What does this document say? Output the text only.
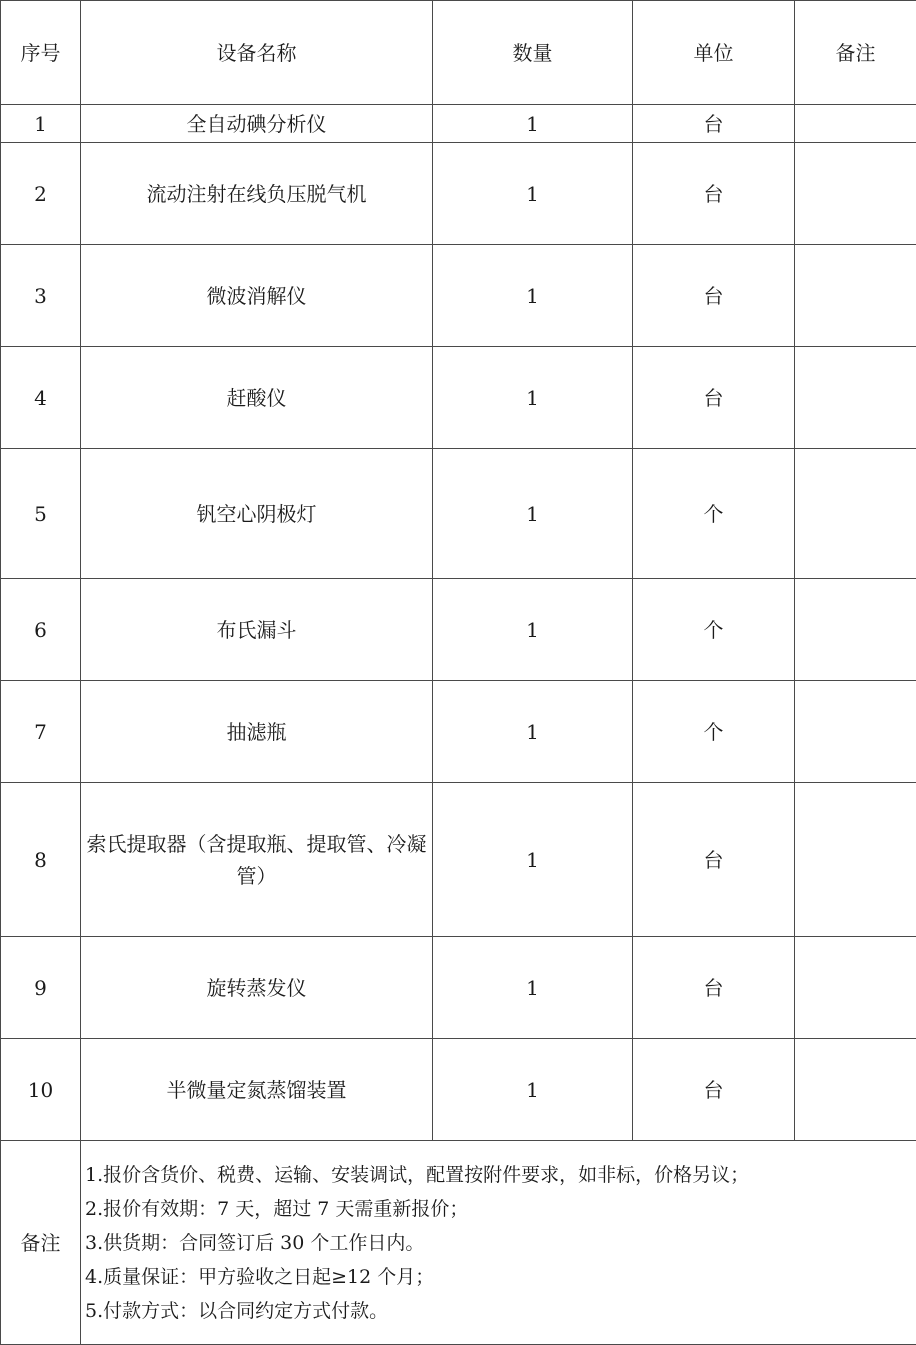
序号	设备名称	数量	单位	备注
1	全自动碘分析仪	1	台	
2	流动注射在线负压脱气机	1	台	
3	微波消解仪	1	台	
4	赶酸仪	1	台	
5	钒空心阴极灯	1	个	
6	布氏漏斗	1	个	
7	抽滤瓶	1	个	
8	索氏提取器（含提取瓶、提取管、冷凝管）	1	台	
9	旋转蒸发仪	1	台	
10	半微量定氮蒸馏装置	1	台	
备注	1.报价含货价、税费、运输、安装调试，配置按附件要求，如非标，价格另议；
2.报价有效期：7 天，超过 7 天需重新报价；
3.供货期：合同签订后 30 个工作日内。
4.质量保证：甲方验收之日起≥12 个月；
5.付款方式：以合同约定方式付款。			
